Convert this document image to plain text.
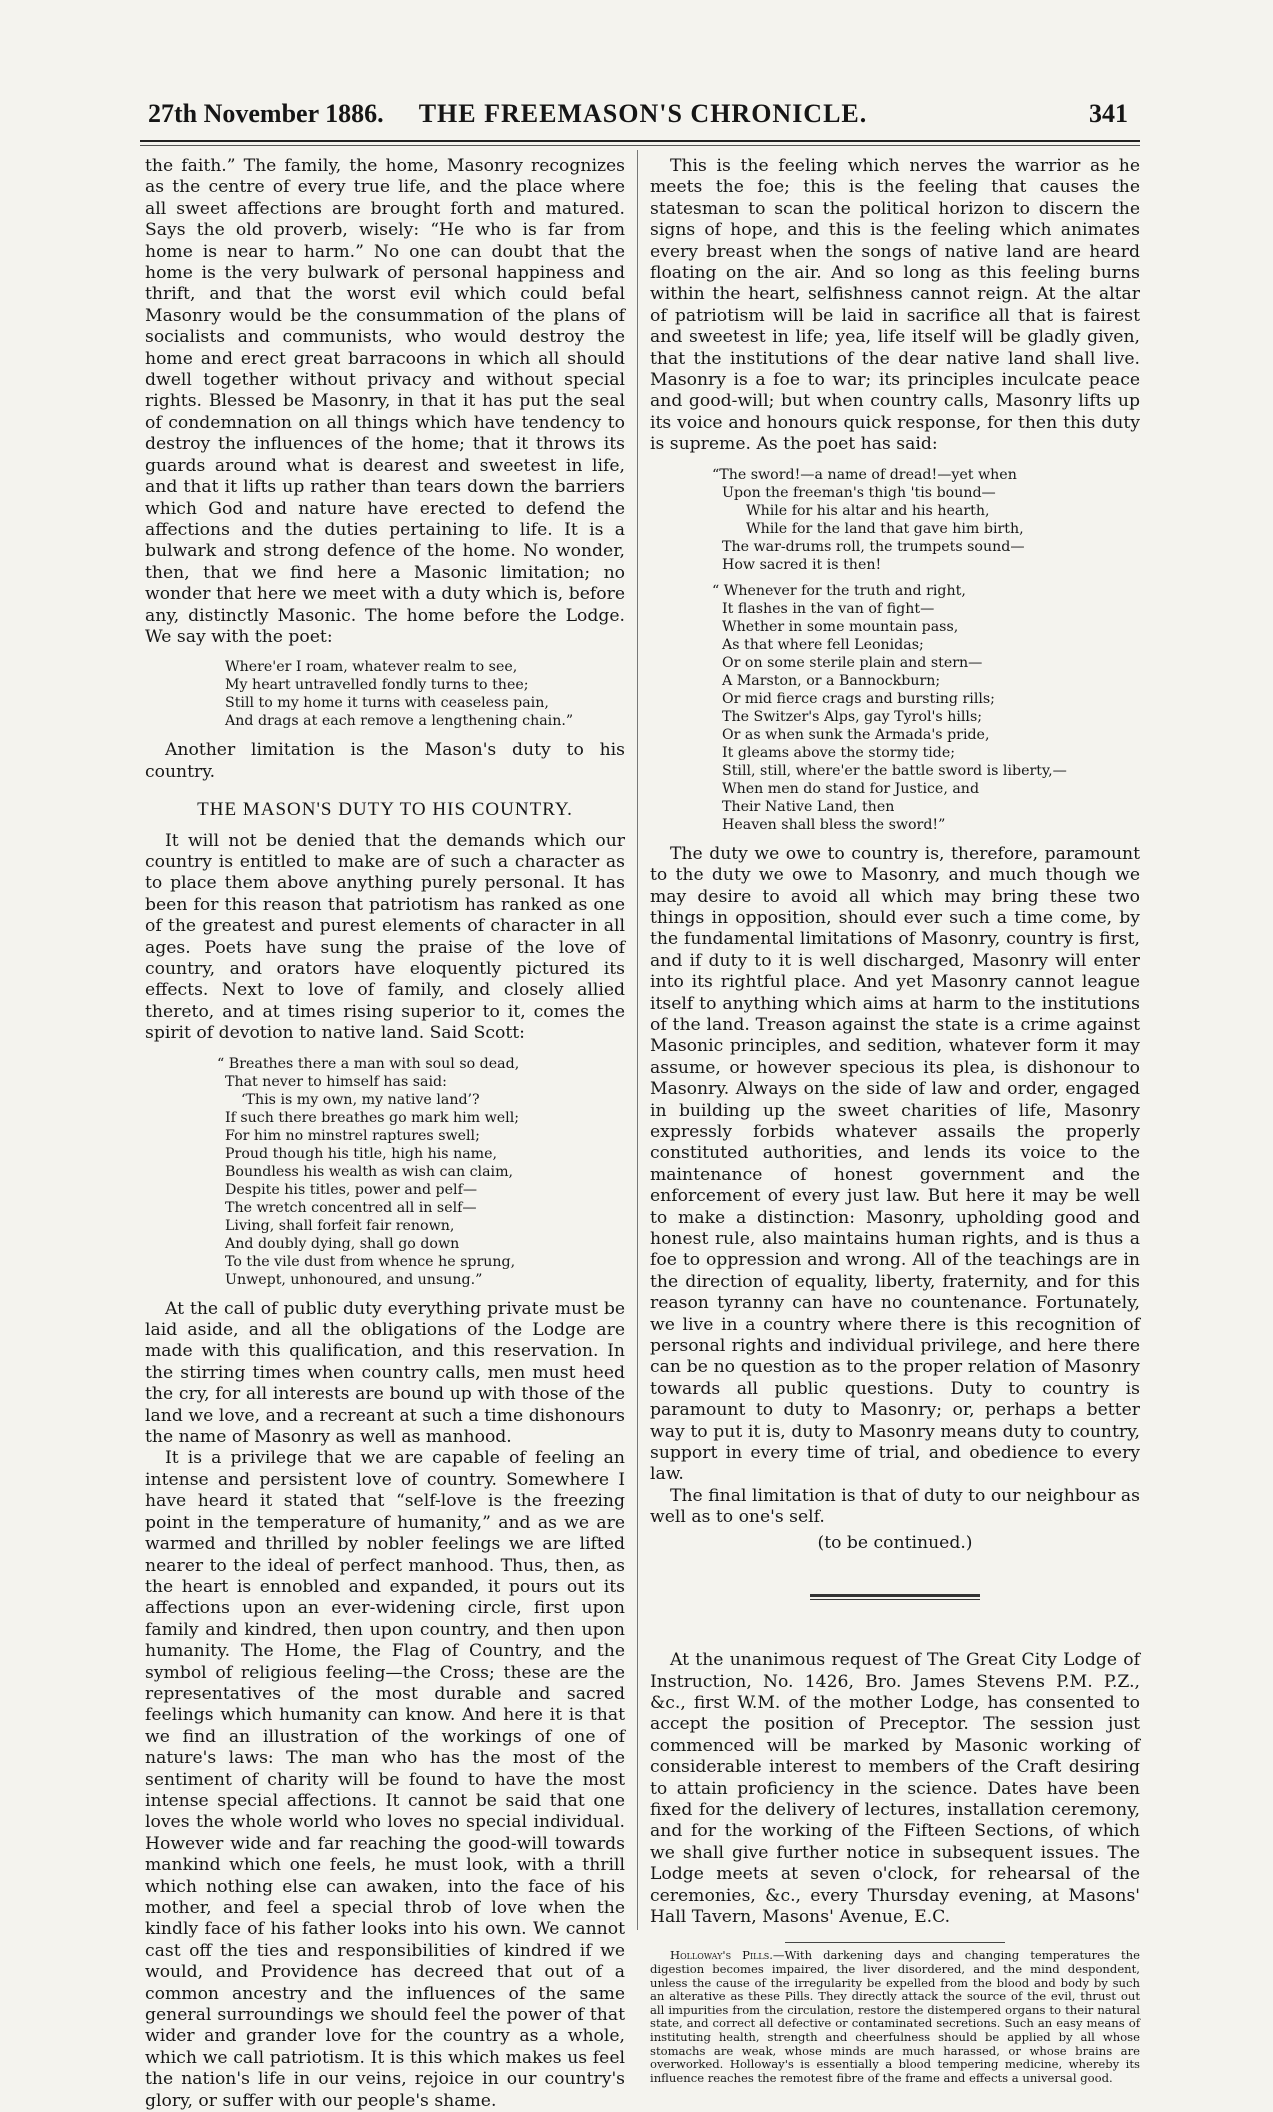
27th November 1886.	THE FREEMASON'S CHRONICLE.	341

the faith.” The family, the home, Masonry recognizes as the centre of every true life, and the place where all sweet affections are brought forth and matured. Says the old proverb, wisely: “He who is far from home is near to harm.” No one can doubt that the home is the very bulwark of personal happiness and thrift, and that the worst evil which could befal Masonry would be the consummation of the plans of socialists and communists, who would destroy the home and erect great barracoons in which all should dwell together without privacy and without special rights. Blessed be Masonry, in that it has put the seal of condemnation on all things which have tendency to destroy the influences of the home; that it throws its guards around what is dearest and sweetest in life, and that it lifts up rather than tears down the barriers which God and nature have erected to defend the affections and the duties pertaining to life. It is a bulwark and strong defence of the home. No wonder, then, that we find here a Masonic limitation; no wonder that here we meet with a duty which is, before any, distinctly Masonic. The home before the Lodge. We say with the poet:

Where'er I roam, whatever realm to see,
My heart untravelled fondly turns to thee;
Still to my home it turns with ceaseless pain,
And drags at each remove a lengthening chain.”

Another limitation is the Mason's duty to his country.

THE MASON'S DUTY TO HIS COUNTRY.

It will not be denied that the demands which our country is entitled to make are of such a character as to place them above anything purely personal. It has been for this reason that patriotism has ranked as one of the greatest and purest elements of character in all ages. Poets have sung the praise of the love of country, and orators have eloquently pictured its effects. Next to love of family, and closely allied thereto, and at times rising superior to it, comes the spirit of devotion to native land. Said Scott:

“ Breathes there a man with soul so dead,
That never to himself has said:
‘This is my own, my native land’?
If such there breathes go mark him well;
For him no minstrel raptures swell;
Proud though his title, high his name,
Boundless his wealth as wish can claim,
Despite his titles, power and pelf—
The wretch concentred all in self—
Living, shall forfeit fair renown,
And doubly dying, shall go down
To the vile dust from whence he sprung,
Unwept, unhonoured, and unsung.”

At the call of public duty everything private must be laid aside, and all the obligations of the Lodge are made with this qualification, and this reservation. In the stirring times when country calls, men must heed the cry, for all interests are bound up with those of the land we love, and a recreant at such a time dishonours the name of Masonry as well as manhood.

It is a privilege that we are capable of feeling an intense and persistent love of country. Somewhere I have heard it stated that “self-love is the freezing point in the temperature of humanity,” and as we are warmed and thrilled by nobler feelings we are lifted nearer to the ideal of perfect manhood. Thus, then, as the heart is ennobled and expanded, it pours out its affections upon an ever-widening circle, first upon family and kindred, then upon country, and then upon humanity. The Home, the Flag of Country, and the symbol of religious feeling—the Cross; these are the representatives of the most durable and sacred feelings which humanity can know. And here it is that we find an illustration of the workings of one of nature's laws: The man who has the most of the sentiment of charity will be found to have the most intense special affections. It cannot be said that one loves the whole world who loves no special individual. However wide and far reaching the good-will towards mankind which one feels, he must look, with a thrill which nothing else can awaken, into the face of his mother, and feel a special throb of love when the kindly face of his father looks into his own. We cannot cast off the ties and responsibilities of kindred if we would, and Providence has decreed that out of a common ancestry and the influences of the same general surroundings we should feel the power of that wider and grander love for the country as a whole, which we call patriotism. It is this which makes us feel the nation's life in our veins, rejoice in our country's glory, or suffer with our people's shame.

This is the feeling which nerves the warrior as he meets the foe; this is the feeling that causes the statesman to scan the political horizon to discern the signs of hope, and this is the feeling which animates every breast when the songs of native land are heard floating on the air. And so long as this feeling burns within the heart, selfishness cannot reign. At the altar of patriotism will be laid in sacrifice all that is fairest and sweetest in life; yea, life itself will be gladly given, that the institutions of the dear native land shall live. Masonry is a foe to war; its principles inculcate peace and good-will; but when country calls, Masonry lifts up its voice and honours quick response, for then this duty is supreme. As the poet has said:

“The sword!—a name of dread!—yet when
Upon the freeman's thigh 'tis bound—
While for his altar and his hearth,
While for the land that gave him birth,
The war-drums roll, the trumpets sound—
How sacred it is then!
“ Whenever for the truth and right,
It flashes in the van of fight—
Whether in some mountain pass,
As that where fell Leonidas;
Or on some sterile plain and stern—
A Marston, or a Bannockburn;
Or mid fierce crags and bursting rills;
The Switzer's Alps, gay Tyrol's hills;
Or as when sunk the Armada's pride,
It gleams above the stormy tide;
Still, still, where'er the battle sword is liberty,—
When men do stand for Justice, and
Their Native Land, then
Heaven shall bless the sword!”

The duty we owe to country is, therefore, paramount to the duty we owe to Masonry, and much though we may desire to avoid all which may bring these two things in opposition, should ever such a time come, by the fundamental limitations of Masonry, country is first, and if duty to it is well discharged, Masonry will enter into its rightful place. And yet Masonry cannot league itself to anything which aims at harm to the institutions of the land. Treason against the state is a crime against Masonic principles, and sedition, whatever form it may assume, or however specious its plea, is dishonour to Masonry. Always on the side of law and order, engaged in building up the sweet charities of life, Masonry expressly forbids whatever assails the properly constituted authorities, and lends its voice to the maintenance of honest government and the enforcement of every just law. But here it may be well to make a distinction: Masonry, upholding good and honest rule, also maintains human rights, and is thus a foe to oppression and wrong. All of the teachings are in the direction of equality, liberty, fraternity, and for this reason tyranny can have no countenance. Fortunately, we live in a country where there is this recognition of personal rights and individual privilege, and here there can be no question as to the proper relation of Masonry towards all public questions. Duty to country is paramount to duty to Masonry; or, perhaps a better way to put it is, duty to Masonry means duty to country, support in every time of trial, and obedience to every law.

The final limitation is that of duty to our neighbour as well as to one's self.

(to be continued.)

At the unanimous request of The Great City Lodge of Instruction, No. 1426, Bro. James Stevens P.M. P.Z., &c., first W.M. of the mother Lodge, has consented to accept the position of Preceptor. The session just commenced will be marked by Masonic working of considerable interest to members of the Craft desiring to attain proficiency in the science. Dates have been fixed for the delivery of lectures, installation ceremony, and for the working of the Fifteen Sections, of which we shall give further notice in subsequent issues. The Lodge meets at seven o'clock, for rehearsal of the ceremonies, &c., every Thursday evening, at Masons' Hall Tavern, Masons' Avenue, E.C.

Holloway's Pills.—With darkening days and changing temperatures the digestion becomes impaired, the liver disordered, and the mind despondent, unless the cause of the irregularity be expelled from the blood and body by such an alterative as these Pills. They directly attack the source of the evil, thrust out all impurities from the circulation, restore the distempered organs to their natural state, and correct all defective or contaminated secretions. Such an easy means of instituting health, strength and cheerfulness should be applied by all whose stomachs are weak, whose minds are much harassed, or whose brains are overworked. Holloway's is essentially a blood tempering medicine, whereby its influence reaches the remotest fibre of the frame and effects a universal good.
